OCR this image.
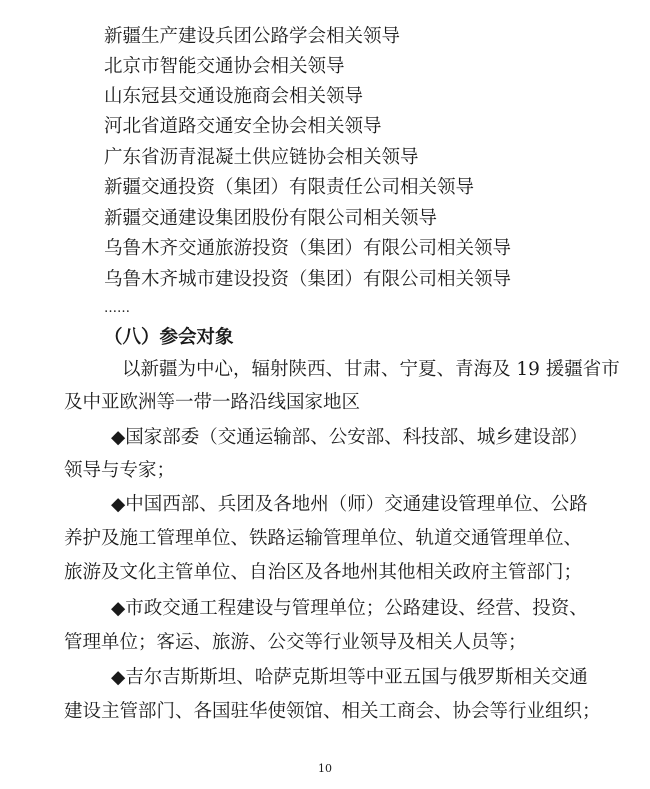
新疆生产建设兵团公路学会相关领导
北京市智能交通协会相关领导
山东冠县交通设施商会相关领导
河北省道路交通安全协会相关领导
广东省沥青混凝土供应链协会相关领导
新疆交通投资（集团）有限责任公司相关领导
新疆交通建设集团股份有限公司相关领导
乌鲁木齐交通旅游投资（集团）有限公司相关领导
乌鲁木齐城市建设投资（集团）有限公司相关领导
……
（八）参会对象
以新疆为中心，辐射陕西、甘肃、宁夏、青海及 19 援疆省市
及中亚欧洲等一带一路沿线国家地区
◆国家部委（交通运输部、公安部、科技部、城乡建设部）
领导与专家；
◆中国西部、兵团及各地州（师）交通建设管理单位、公路
养护及施工管理单位、铁路运输管理单位、轨道交通管理单位、
旅游及文化主管单位、自治区及各地州其他相关政府主管部门；
◆市政交通工程建设与管理单位；公路建设、经营、投资、
管理单位；客运、旅游、公交等行业领导及相关人员等；
◆吉尔吉斯斯坦、哈萨克斯坦等中亚五国与俄罗斯相关交通
建设主管部门、各国驻华使领馆、相关工商会、协会等行业组织；
10
